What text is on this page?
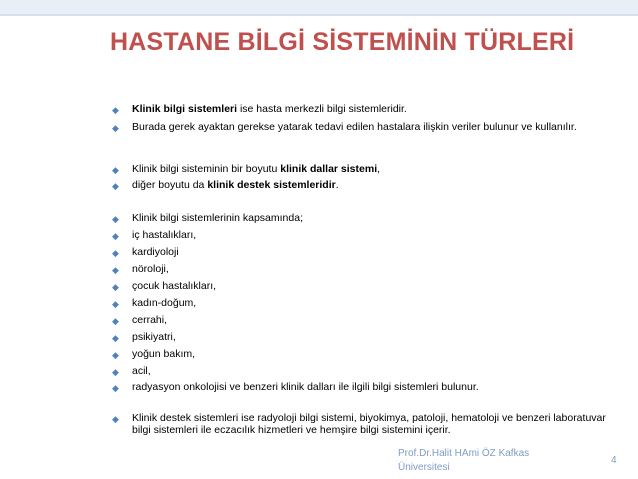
HASTANE BİLGİ SİSTEMİNİN TÜRLERİ
◆ Klinik bilgi sistemleri ise hasta merkezli bilgi sistemleridir.
◆ Burada gerek ayaktan gerekse yatarak tedavi edilen hastalara ilişkin veriler bulunur ve kullanılır.
◆ Klinik bilgi sisteminin bir boyutu klinik dallar sistemi,
◆ diğer boyutu da klinik destek sistemleridir.
◆ Klinik bilgi sistemlerinin kapsamında;
◆ iç hastalıkları,
◆ kardiyoloji
◆ nöroloji,
◆ çocuk hastalıkları,
◆ kadın-doğum,
◆ cerrahi,
◆ psikiyatri,
◆ yoğun bakım,
◆ acil,
◆ radyasyon onkolojisi ve benzeri klinik dalları ile ilgili bilgi sistemleri bulunur.
◆ Klinik destek sistemleri ise radyoloji bilgi sistemi, biyokimya, patoloji, hematoloji ve benzeri laboratuvar bilgi sistemleri ile eczacılık hizmetleri ve hemşire bilgi sistemini içerir.
Prof.Dr.Halit HAmi ÖZ Kafkas Üniversitesi
4
